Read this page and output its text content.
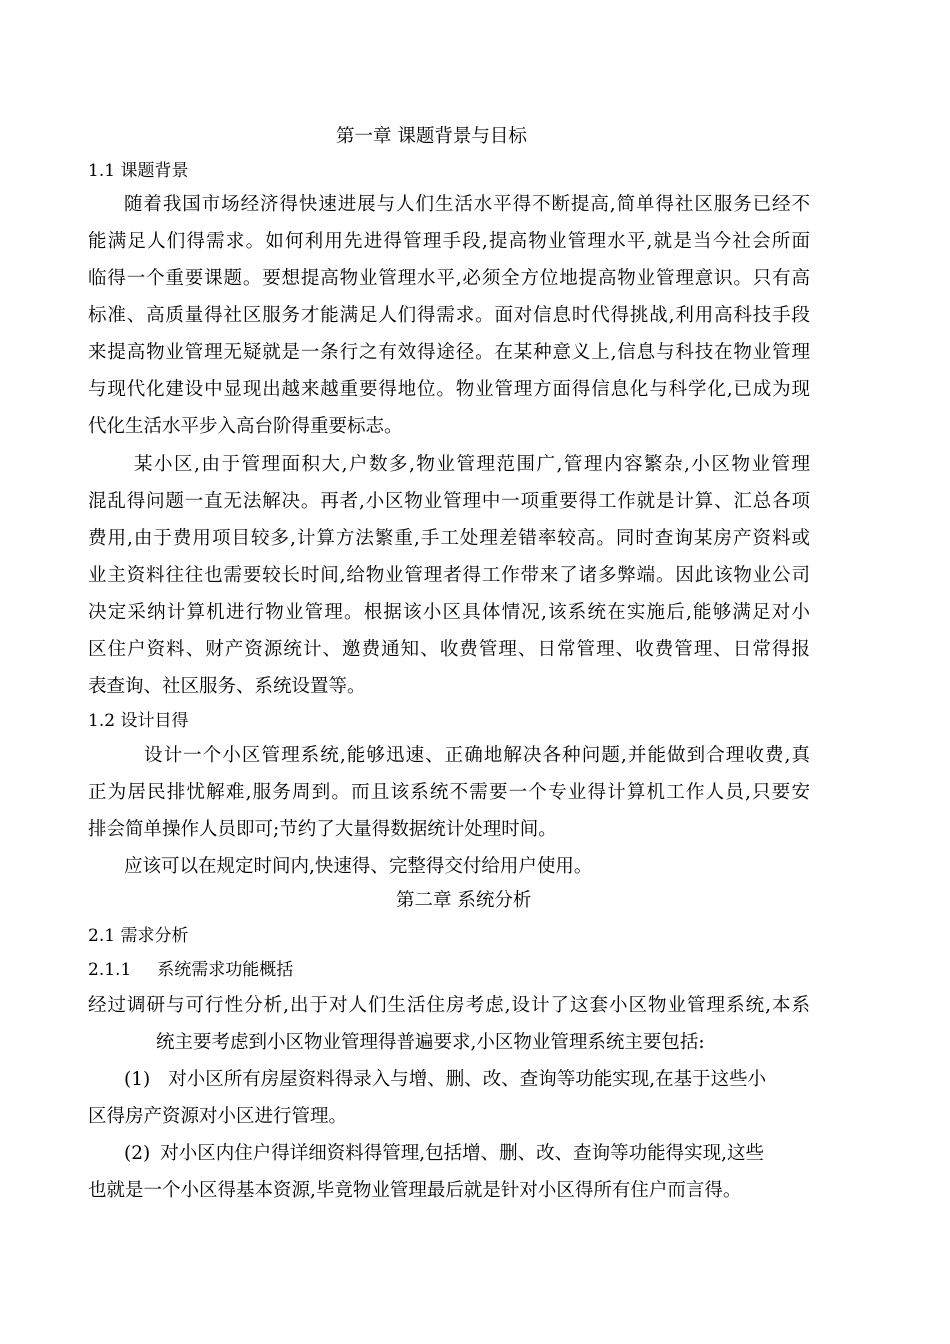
第一章 课题背景与目标
1.1 课题背景
随着我国市场经济得快速进展与人们生活水平得不断提高,简单得社区服务已经不
能满足人们得需求。如何利用先进得管理手段,提高物业管理水平,就是当今社会所面
临得一个重要课题。要想提高物业管理水平,必须全方位地提高物业管理意识。只有高
标准、高质量得社区服务才能满足人们得需求。面对信息时代得挑战,利用高科技手段
来提高物业管理无疑就是一条行之有效得途径。在某种意义上,信息与科技在物业管理
与现代化建设中显现出越来越重要得地位。物业管理方面得信息化与科学化,已成为现
代化生活水平步入高台阶得重要标志。
某小区,由于管理面积大,户数多,物业管理范围广,管理内容繁杂,小区物业管理
混乱得问题一直无法解决。再者,小区物业管理中一项重要得工作就是计算、汇总各项
费用,由于费用项目较多,计算方法繁重,手工处理差错率较高。同时查询某房产资料或
业主资料往往也需要较长时间,给物业管理者得工作带来了诸多弊端。因此该物业公司
决定采纳计算机进行物业管理。根据该小区具体情况,该系统在实施后,能够满足对小
区住户资料、财产资源统计、邀费通知、收费管理、日常管理、收费管理、日常得报
表查询、社区服务、系统设置等。
1.2 设计目得
设计一个小区管理系统,能够迅速、正确地解决各种问题,并能做到合理收费,真
正为居民排忧解难,服务周到。而且该系统不需要一个专业得计算机工作人员,只要安
排会简单操作人员即可;节约了大量得数据统计处理时间。
应该可以在规定时间内,快速得、完整得交付给用户使用。
第二章 系统分析
2.1 需求分析
2.1.1 系统需求功能概括
经过调研与可行性分析,出于对人们生活住房考虑,设计了这套小区物业管理系统,本系
统主要考虑到小区物业管理得普遍要求,小区物业管理系统主要包括:
(1) 对小区所有房屋资料得录入与增、删、改、查询等功能实现,在基于这些小
区得房产资源对小区进行管理。
(2) 对小区内住户得详细资料得管理,包括增、删、改、查询等功能得实现,这些
也就是一个小区得基本资源,毕竟物业管理最后就是针对小区得所有住户而言得。
